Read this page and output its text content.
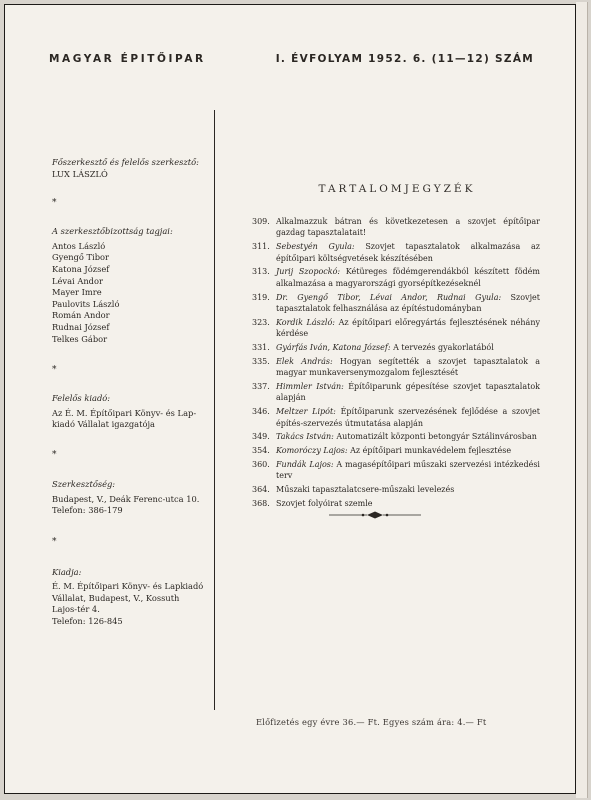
MAGYAR ÉPITŐIPAR	I. ÉVFOLYAM 1952. 6. (11—12) SZÁM
Főszerkesztő és felelős szerkesztő:
LUX LÁSZLÓ
*
A szerkesztőbizottság tagjai:
Antos László
Gyengő Tibor
Katona József
Lévai Andor
Mayer Imre
Paulovits László
Román Andor
Rudnai József
Telkes Gábor
*
Felelős kiadó:
Az É. M. Építőipari Könyv- és Lap-
kiadó Vállalat igazgatója
*
Szerkesztőség:
Budapest, V., Deák Ferenc-utca 10.
Telefon: 386-179
*
Kiadja:
É. M. Építőipari Könyv- és Lapkiadó
Vállalat, Budapest, V., Kossuth
Lajos-tér 4.
Telefon: 126-845
TARTALOMJEGYZÉK
309. Alkalmazzuk bátran és következetesen a szovjet építőipar gazdag tapasztalatait!
311. Sebestyén Gyula: Szovjet tapasztalatok alkalmazása az építőipari költségvetések készítésében
313. Jurij Szopockó: Kétüreges födémgerendákból készített födém alkalmazása a magyarországi gyorsépítkezéseknél
319. Dr. Gyengő Tibor, Lévai Andor, Rudnai Gyula: Szovjet tapasztalatok felhasználása az építéstudományban
323. Kordik László: Az építőipari előregyártás fejlesztésének néhány kérdése
331. Gyárfás Iván, Katona József: A tervezés gyakorlatából
335. Elek András: Hogyan segítették a szovjet tapasztalatok a magyar munkaversenymozgalom fejlesztését
337. Himmler István: Építőiparunk gépesítése szovjet tapasztalatok alapján
346. Meltzer Lipót: Építőiparunk szervezésének fejlődése a szovjet építés-szervezés útmutatása alapján
349. Takács István: Automatizált központi betongyár Sztálinvárosban
354. Komoróczy Lajos: Az építőipari munkavédelem fejlesztése
360. Fundák Lajos: A magasépítőipari műszaki szervezési intézkedési terv
364. Műszaki tapasztalatcsere-műszaki levelezés
368. Szovjet folyóirat szemle
Előfizetés egy évre 36.— Ft. Egyes szám ára: 4.— Ft
